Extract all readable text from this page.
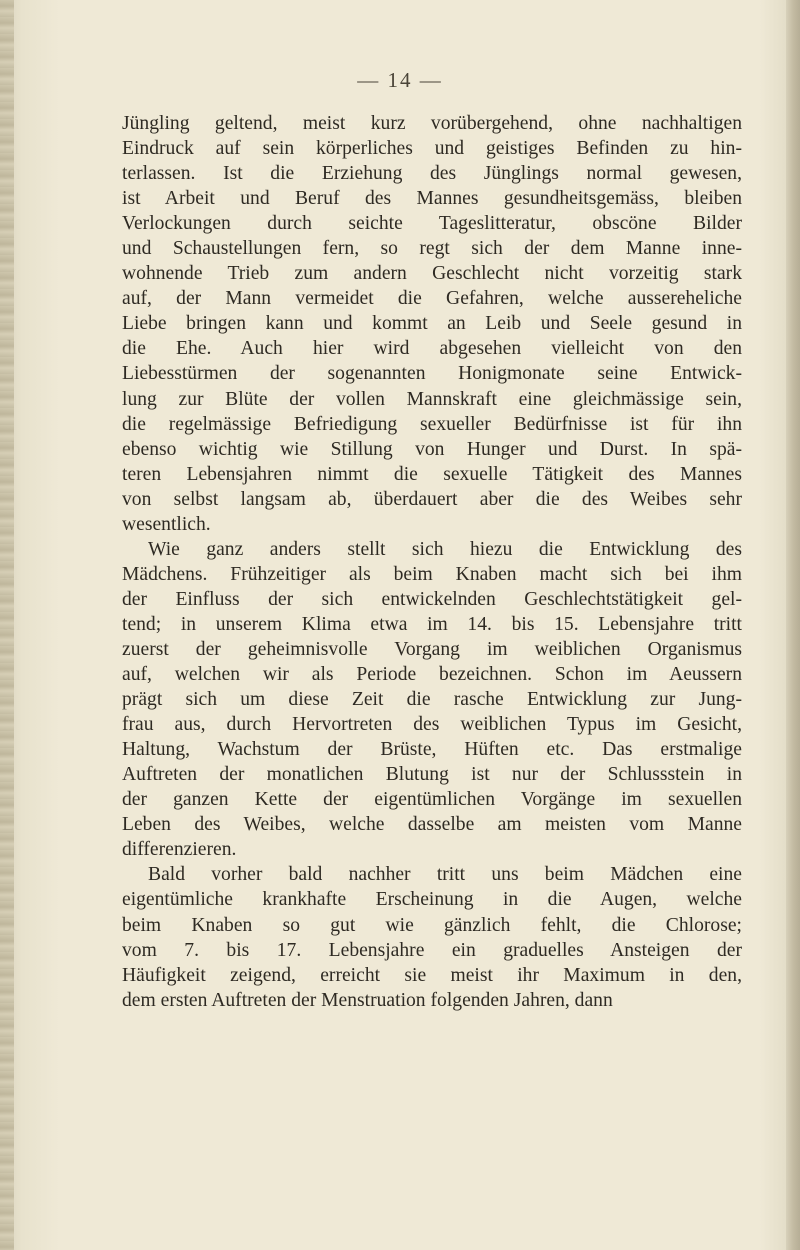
— 14 —
Jüngling geltend, meist kurz vorübergehend, ohne nachhaltigen
Eindruck auf sein körperliches und geistiges Befinden zu hin-
terlassen. Ist die Erziehung des Jünglings normal gewesen,
ist Arbeit und Beruf des Mannes gesundheitsgemäss, bleiben
Verlockungen durch seichte Tageslitteratur, obscöne Bilder
und Schaustellungen fern, so regt sich der dem Manne inne-
wohnende Trieb zum andern Geschlecht nicht vorzeitig stark
auf, der Mann vermeidet die Gefahren, welche aussereheliche
Liebe bringen kann und kommt an Leib und Seele gesund in
die Ehe. Auch hier wird abgesehen vielleicht von den
Liebesstürmen der sogenannten Honigmonate seine Entwick-
lung zur Blüte der vollen Mannskraft eine gleichmässige sein,
die regelmässige Befriedigung sexueller Bedürfnisse ist für ihn
ebenso wichtig wie Stillung von Hunger und Durst. In spä-
teren Lebensjahren nimmt die sexuelle Tätigkeit des Mannes
von selbst langsam ab, überdauert aber die des Weibes sehr
wesentlich.
Wie ganz anders stellt sich hiezu die Entwicklung des
Mädchens. Frühzeitiger als beim Knaben macht sich bei ihm
der Einfluss der sich entwickelnden Geschlechtstätigkeit gel-
tend; in unserem Klima etwa im 14. bis 15. Lebensjahre tritt
zuerst der geheimnisvolle Vorgang im weiblichen Organismus
auf, welchen wir als Periode bezeichnen. Schon im Aeussern
prägt sich um diese Zeit die rasche Entwicklung zur Jung-
frau aus, durch Hervortreten des weiblichen Typus im Gesicht,
Haltung, Wachstum der Brüste, Hüften etc. Das erstmalige
Auftreten der monatlichen Blutung ist nur der Schlussstein in
der ganzen Kette der eigentümlichen Vorgänge im sexuellen
Leben des Weibes, welche dasselbe am meisten vom Manne
differenzieren.
Bald vorher bald nachher tritt uns beim Mädchen eine
eigentümliche krankhafte Erscheinung in die Augen, welche
beim Knaben so gut wie gänzlich fehlt, die Chlorose;
vom 7. bis 17. Lebensjahre ein graduelles Ansteigen der
Häufigkeit zeigend, erreicht sie meist ihr Maximum in den,
dem ersten Auftreten der Menstruation folgenden Jahren, dann
